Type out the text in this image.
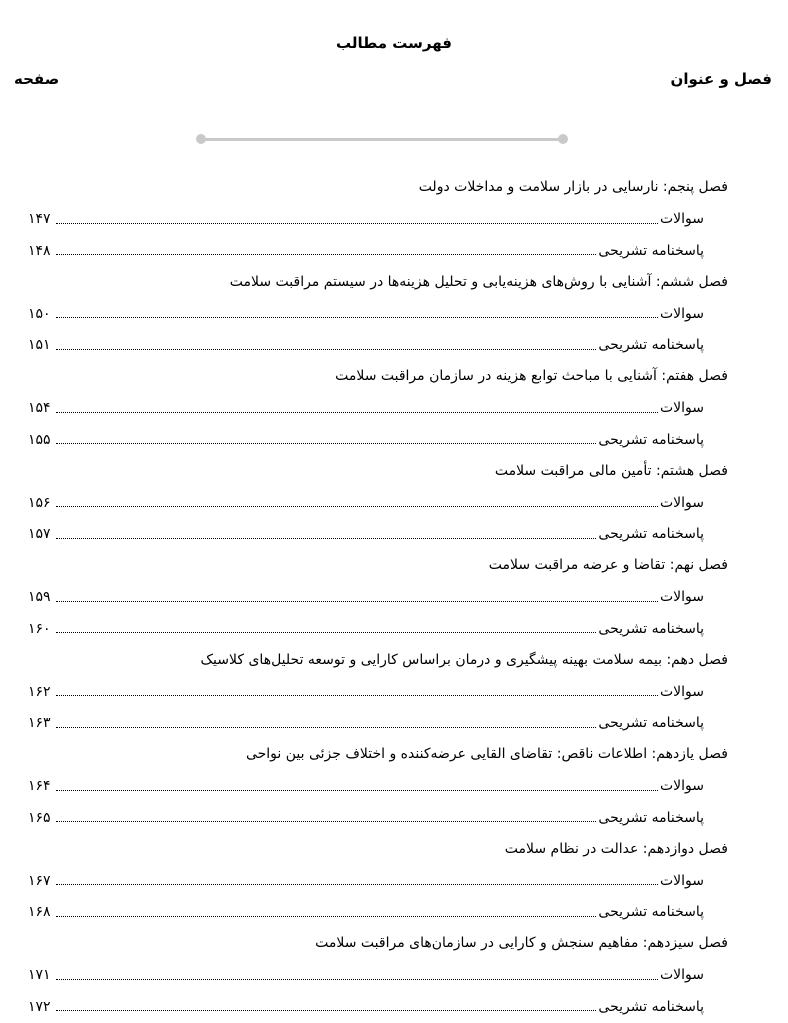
فهرست مطالب
فصل و عنوان
صفحه
فصل پنجم: نارسایی در بازار سلامت و مداخلات دولت
۱۴۷	سوالات
۱۴۸	پاسخنامه تشریحی
فصل ششم: آشنایی با روش‌های هزینه‌یابی و تحلیل هزینه‌ها در سیستم مراقبت سلامت
۱۵۰	سوالات
۱۵۱	پاسخنامه تشریحی
فصل هفتم: آشنایی با مباحث توابع هزینه در سازمان مراقبت سلامت
۱۵۴	سوالات
۱۵۵	پاسخنامه تشریحی
فصل هشتم: تأمین مالی مراقبت سلامت
۱۵۶	سوالات
۱۵۷	پاسخنامه تشریحی
فصل نهم: تقاضا و عرضه مراقبت سلامت
۱۵۹	سوالات
۱۶۰	پاسخنامه تشریحی
فصل دهم: بیمه سلامت بهینه پیشگیری و درمان براساس کارایی و توسعه تحلیل‌های کلاسیک
۱۶۲	سوالات
۱۶۳	پاسخنامه تشریحی
فصل یازدهم: اطلاعات ناقص: تقاضای القایی عرضه‌کننده و اختلاف جزئی بین نواحی
۱۶۴	سوالات
۱۶۵	پاسخنامه تشریحی
فصل دوازدهم: عدالت در نظام سلامت
۱۶۷	سوالات
۱۶۸	پاسخنامه تشریحی
فصل سیزدهم: مفاهیم سنجش و کارایی در سازمان‌های مراقبت سلامت
۱۷۱	سوالات
۱۷۲	پاسخنامه تشریحی
